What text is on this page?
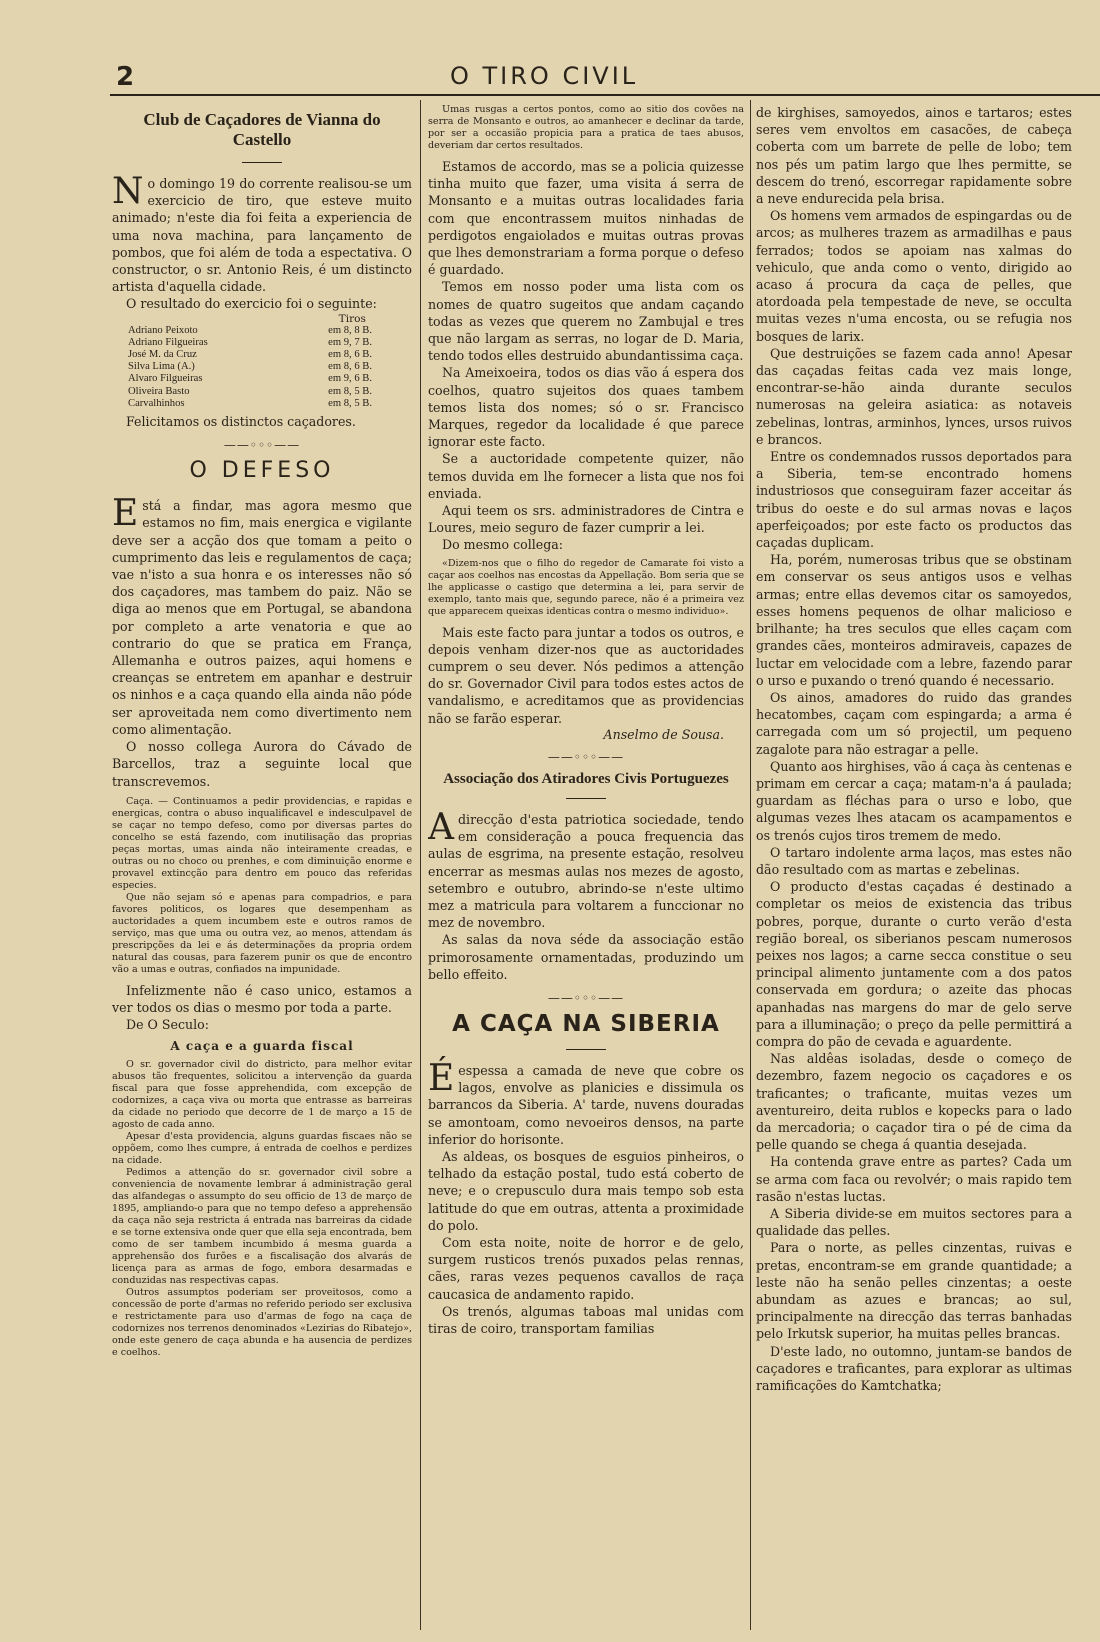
2	O TIRO CIVIL
Club de Caçadores de Vianna do Castello

No domingo 19 do corrente realisou-se um exercicio de tiro, que esteve muito animado; n'este dia foi feita a experiencia de uma nova machina, para lançamento de pombos, que foi além de toda a espectativa. O constructor, o sr. Antonio Reis, é um distincto artista d'aquella cidade.

O resultado do exercicio foi o seguinte:

Tiros
Adriano Peixoto	em 8, 8 B.
Adriano Filgueiras	em 9, 7 B.
José M. da Cruz	em 8, 6 B.
Silva Lima (A.)	em 8, 6 B.
Alvaro Filgueiras	em 9, 6 B.
Oliveira Basto	em 8, 5 B.
Carvalhinhos	em 8, 5 B.

Felicitamos os distinctos caçadores.

——◦◦◦——
O DEFESO

Está a findar, mas agora mesmo que estamos no fim, mais energica e vigilante deve ser a acção dos que tomam a peito o cumprimento das leis e regulamentos de caça; vae n'isto a sua honra e os interesses não só dos caçadores, mas tambem do paiz. Não se diga ao menos que em Portugal, se abandona por completo a arte venatoria e que ao contrario do que se pratica em França, Allemanha e outros paizes, aqui homens e creanças se entretem em apanhar e destruir os ninhos e a caça quando ella ainda não póde ser aproveitada nem como divertimento nem como alimentação.

O nosso collega Aurora do Cávado de Barcellos, traz a seguinte local que transcrevemos.

Caça. — Continuamos a pedir providencias, e rapidas e energicas, contra o abuso inqualificavel e indesculpavel de se caçar no tempo defeso, como por diversas partes do concelho se está fazendo, com inutilisação das proprias peças mortas, umas ainda não inteiramente creadas, e outras ou no choco ou prenhes, e com diminuição enorme e provavel extincção para dentro em pouco das referidas especies.

Que não sejam só e apenas para compadrios, e para favores politicos, os logares que desempenham as auctoridades a quem incumbem este e outros ramos de serviço, mas que uma ou outra vez, ao menos, attendam ás prescripções da lei e ás determinações da propria ordem natural das cousas, para fazerem punir os que de encontro vão a umas e outras, confiados na impunidade.

Infelizmente não é caso unico, estamos a ver todos os dias o mesmo por toda a parte.

De O Seculo:

A caça e a guarda fiscal

O sr. governador civil do districto, para melhor evitar abusos tão frequentes, solicitou a intervenção da guarda fiscal para que fosse apprehendida, com excepção de codornizes, a caça viva ou morta que entrasse as barreiras da cidade no periodo que decorre de 1 de março a 15 de agosto de cada anno.

Apesar d'esta providencia, alguns guardas fiscaes não se oppõem, como lhes cumpre, á entrada de coelhos e perdizes na cidade.

Pedimos a attenção do sr. governador civil sobre a conveniencia de novamente lembrar á administração geral das alfandegas o assumpto do seu officio de 13 de março de 1895, ampliando-o para que no tempo defeso a apprehensão da caça não seja restricta á entrada nas barreiras da cidade e se torne extensiva onde quer que ella seja encontrada, bem como de ser tambem incumbido á mesma guarda a apprehensão dos furões e a fiscalisação dos alvarás de licença para as armas de fogo, embora desarmadas e conduzidas nas respectivas capas.

Outros assumptos poderiam ser proveitosos, como a concessão de porte d'armas no referido periodo ser exclusiva e restrictamente para uso d'armas de fogo na caça de codornizes nos terrenos denominados «Lezirias do Ribatejo», onde este genero de caça abunda e ha ausencia de perdizes e coelhos.

Umas rusgas a certos pontos, como ao sitio dos covões na serra de Monsanto e outros, ao amanhecer e declinar da tarde, por ser a occasião propicia para a pratica de taes abusos, deveriam dar certos resultados.

Estamos de accordo, mas se a policia quizesse tinha muito que fazer, uma visita á serra de Monsanto e a muitas outras localidades faria com que encontrassem muitos ninhadas de perdigotos engaiolados e muitas outras provas que lhes demonstrariam a forma porque o defeso é guardado.

Temos em nosso poder uma lista com os nomes de quatro sugeitos que andam caçando todas as vezes que querem no Zambujal e tres que não largam as serras, no logar de D. Maria, tendo todos elles destruido abundantissima caça.

Na Ameixoeira, todos os dias vão á espera dos coelhos, quatro sujeitos dos quaes tambem temos lista dos nomes; só o sr. Francisco Marques, regedor da localidade é que parece ignorar este facto.

Se a auctoridade competente quizer, não temos duvida em lhe fornecer a lista que nos foi enviada.

Aqui teem os srs. administradores de Cintra e Loures, meio seguro de fazer cumprir a lei.

Do mesmo collega:

«Dizem-nos que o filho do regedor de Camarate foi visto a caçar aos coelhos nas encostas da Appellação. Bom seria que se lhe applicasse o castigo que determina a lei, para servir de exemplo, tanto mais que, segundo parece, não é a primeira vez que apparecem queixas identicas contra o mesmo individuo».

Mais este facto para juntar a todos os outros, e depois venham dizer-nos que as auctoridades cumprem o seu dever. Nós pedimos a attenção do sr. Governador Civil para todos estes actos de vandalismo, e acreditamos que as providencias não se farão esperar.

Anselmo de Sousa.
——◦◦◦——
Associação dos Atiradores Civis Portuguezes

Adirecção d'esta patriotica sociedade, tendo em consideração a pouca frequencia das aulas de esgrima, na presente estação, resolveu encerrar as mesmas aulas nos mezes de agosto, setembro e outubro, abrindo-se n'este ultimo mez a matricula para voltarem a funccionar no mez de novembro.

As salas da nova séde da associação estão primorosamente ornamentadas, produzindo um bello effeito.

——◦◦◦——
A CAÇA NA SIBERIA

Éespessa a camada de neve que cobre os lagos, envolve as planicies e dissimula os barrancos da Siberia. A' tarde, nuvens douradas se amontoam, como nevoeiros densos, na parte inferior do horisonte.

As aldeas, os bosques de esguios pinheiros, o telhado da estação postal, tudo está coberto de neve; e o crepusculo dura mais tempo sob esta latitude do que em outras, attenta a proximidade do polo.

Com esta noite, noite de horror e de gelo, surgem rusticos trenós puxados pelas rennas, cães, raras vezes pequenos cavallos de raça caucasica de andamento rapido.

Os trenós, algumas taboas mal unidas com tiras de coiro, transportam familias

de kirghises, samoyedos, ainos e tartaros; estes seres vem envoltos em casacões, de cabeça coberta com um barrete de pelle de lobo; tem nos pés um patim largo que lhes permitte, se descem do trenó, escorregar rapidamente sobre a neve endurecida pela brisa.

Os homens vem armados de espingardas ou de arcos; as mulheres trazem as armadilhas e paus ferrados; todos se apoiam nas xalmas do vehiculo, que anda como o vento, dirigido ao acaso á procura da caça de pelles, que atordoada pela tempestade de neve, se occulta muitas vezes n'uma encosta, ou se refugia nos bosques de larix.

Que destruições se fazem cada anno! Apesar das caçadas feitas cada vez mais longe, encontrar-se-hão ainda durante seculos numerosas na geleira asiatica: as notaveis zebelinas, lontras, arminhos, lynces, ursos ruivos e brancos.

Entre os condemnados russos deportados para a Siberia, tem-se encontrado homens industriosos que conseguiram fazer acceitar ás tribus do oeste e do sul armas novas e laços aperfeiçoados; por este facto os productos das caçadas duplicam.

Ha, porém, numerosas tribus que se obstinam em conservar os seus antigos usos e velhas armas; entre ellas devemos citar os samoyedos, esses homens pequenos de olhar malicioso e brilhante; ha tres seculos que elles caçam com grandes cães, monteiros admiraveis, capazes de luctar em velocidade com a lebre, fazendo parar o urso e puxando o trenó quando é necessario.

Os ainos, amadores do ruido das grandes hecatombes, caçam com espingarda; a arma é carregada com um só projectil, um pequeno zagalote para não estragar a pelle.

Quanto aos hirghises, vão á caça às centenas e primam em cercar a caça; matam-n'a á paulada; guardam as fléchas para o urso e lobo, que algumas vezes lhes atacam os acampamentos e os trenós cujos tiros tremem de medo.

O tartaro indolente arma laços, mas estes não dão resultado com as martas e zebelinas.

O producto d'estas caçadas é destinado a completar os meios de existencia das tribus pobres, porque, durante o curto verão d'esta região boreal, os siberianos pescam numerosos peixes nos lagos; a carne secca constitue o seu principal alimento juntamente com a dos patos conservada em gordura; o azeite das phocas apanhadas nas margens do mar de gelo serve para a illuminação; o preço da pelle permittirá a compra do pão de cevada e aguardente.

Nas aldêas isoladas, desde o começo de dezembro, fazem negocio os caçadores e os traficantes; o traficante, muitas vezes um aventureiro, deita rublos e kopecks para o lado da mercadoria; o caçador tira o pé de cima da pelle quando se chega á quantia desejada.

Ha contenda grave entre as partes? Cada um se arma com faca ou revolvér; o mais rapido tem rasão n'estas luctas.

A Siberia divide-se em muitos sectores para a qualidade das pelles.

Para o norte, as pelles cinzentas, ruivas e pretas, encontram-se em grande quantidade; a leste não ha senão pelles cinzentas; a oeste abundam as azues e brancas; ao sul, principalmente na direcção das terras banhadas pelo Irkutsk superior, ha muitas pelles brancas.

D'este lado, no outomno, juntam-se bandos de caçadores e traficantes, para explorar as ultimas ramificações do Kamtchatka;
